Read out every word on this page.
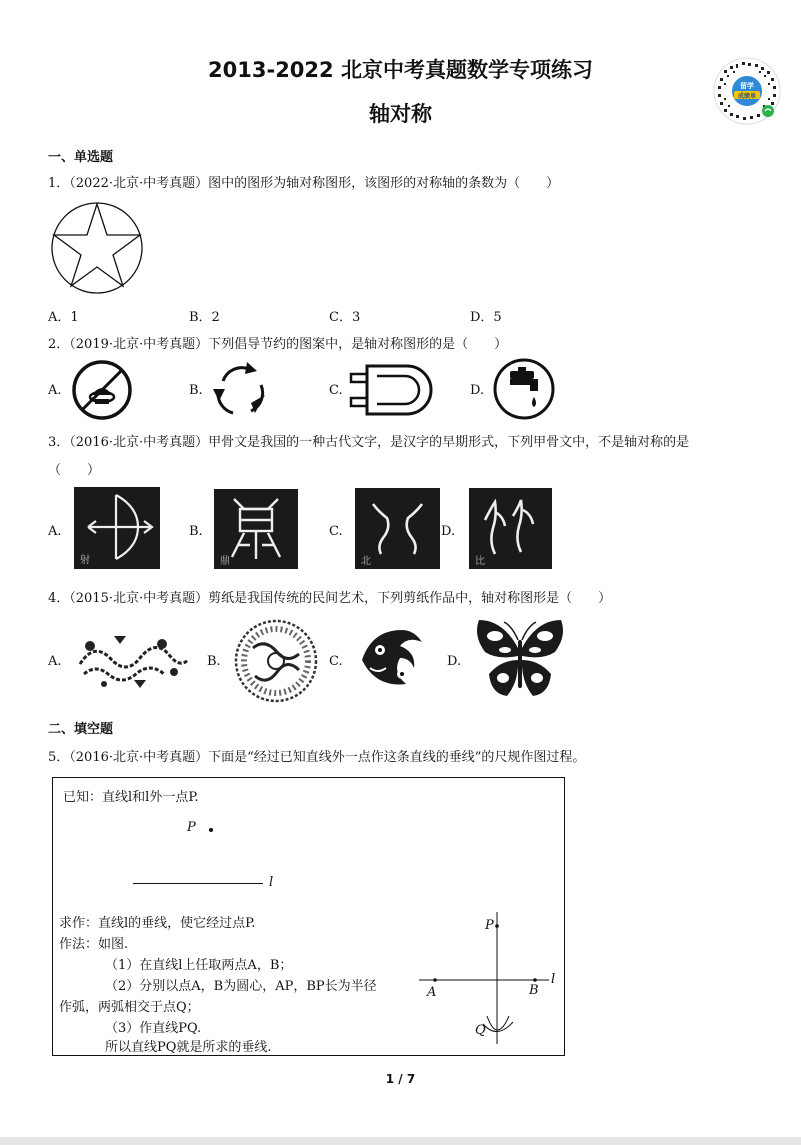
2013-2022 北京中考真题数学专项练习
轴对称
留学
成绩单
一、单选题
1．（2022·北京·中考真题）图中的图形为轴对称图形，该图形的对称轴的条数为（　　）
A．1	B．2	C．3	D．5
2．（2019·北京·中考真题）下列倡导节约的图案中，是轴对称图形的是（　　）
A.	B.	C.	D.
3．（2016·北京·中考真题）甲骨文是我国的一种古代文字，是汉字的早期形式，下列甲骨文中，不是轴对称的是
（　　）
A.
射
B.
鼎
C.
北
D.
比
4．（2015·北京·中考真题）剪纸是我国传统的民间艺术，下列剪纸作品中，轴对称图形是（　　）
A.	B.	C.	D.
二、填空题
5．（2016·北京·中考真题）下面是“经过已知直线外一点作这条直线的垂线”的尺规作图过程。
已知：直线l和l外一点P.
P
l
求作：直线l的垂线，使它经过点P.
作法：如图.
（1）在直线l上任取两点A，B；
（2）分别以点A，B为圆心，AP，BP长为半径
作弧，两弧相交于点Q；
（3）作直线PQ.
所以直线PQ就是所求的垂线.
P
A	B
l
Q
1 / 7
